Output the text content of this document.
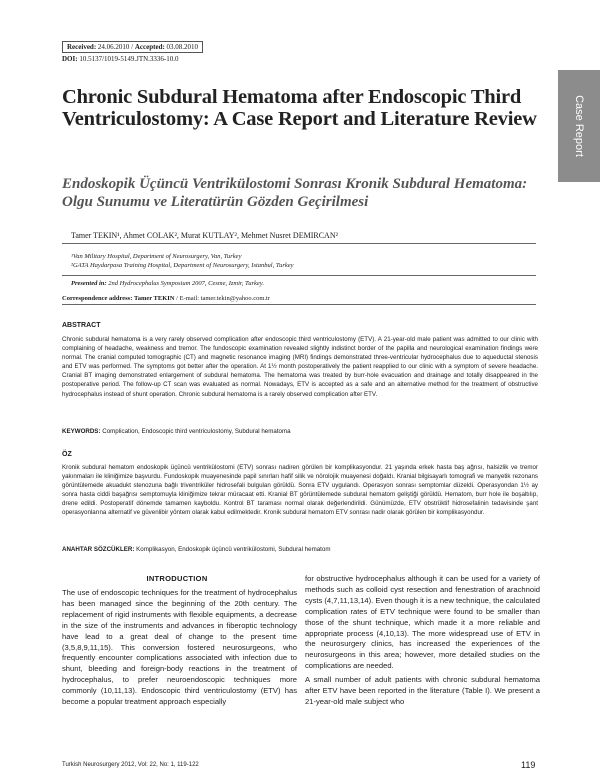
Received: 24.06.2010 / Accepted: 03.08.2010
DOI: 10.5137/1019-5149.JTN.3336-10.0
Case Report
Chronic Subdural Hematoma after Endoscopic Third Ventriculostomy: A Case Report and Literature Review
Endoskopik Üçüncü Ventrikülostomi Sonrası Kronik Subdural Hematoma: Olgu Sunumu ve Literatürün Gözden Geçirilmesi
Tamer TEKIN¹, Ahmet COLAK², Murat KUTLAY², Mehmet Nusret DEMIRCAN²
¹Van Military Hospital, Department of Neurosurgery, Van, Turkey
²GATA Haydarpasa Training Hospital, Department of Neurosurgery, Istanbul, Turkey
Presented in: 2nd Hydrocephalus Symposium 2007, Cesme, Izmir, Turkey.
Correspondence address: Tamer TEKIN / E-mail: tamer.tekin@yahoo.com.tr
ABSTRACT

Chronic subdural hematoma is a very rarely observed complication after endoscopic third ventriculostomy (ETV). A 21-year-old male patient was admitted to our clinic with complaining of headache, weakness and tremor. The fundoscopic examination revealed slightly indistinct border of the papilla and neurological examination findings were normal. The cranial computed tomographic (CT) and magnetic resonance imaging (MRI) findings demonstrated three-ventricular hydrocephalus due to aqueductal stenosis and ETV was performed. The symptoms got better after the operation. At 1½ month postoperatively the patient reapplied to our clinic with a symptom of severe headache. Cranial BT imaging demonstrated enlargement of subdural hematoma. The hematoma was treated by burr-hole evacuation and drainage and totally disappeared in the postoperative period. The follow-up CT scan was evaluated as normal. Nowadays, ETV is accepted as a safe and an alternative method for the treatment of obstructive hydrocephalus instead of shunt operation. Chronic subdural hematoma is a rarely observed complication after ETV.

KEYWORDS: Complication, Endoscopic third ventriculostomy, Subdural hematoma
ÖZ

Kronik subdural hematom endoskopik üçüncü ventrikülostomi (ETV) sonrası nadiren görülen bir komplikasyondur. 21 yaşında erkek hasta baş ağrısı, halsizlik ve tremor yakınmaları ile kliniğimize başvurdu. Fundoskopik muayenesinde papil sınırları hafif silik ve nörolojik muayenesi doğaldı. Kranial bilgisayarlı tomografi ve manyetik rezonans görüntülemede akuadukt stenozuna bağlı triventriküler hidrosefali bulgulan görüldü. Sonra ETV uygulandı. Operasyon sonrası semptomlar düzeldi. Operasyondan 1½ ay sonra hasta ciddi başağrısı semptomuyla kliniğimize tekrar müracaat etti. Kranial BT görüntülemede subdural hematom geliştiği görüldü. Hematom, burr hole ile boşaltılıp, drene edildi. Postoperatif dönemde tamamen kayboldu. Kontrol BT taraması normal olarak değerlendirildi. Günümüzde, ETV obstrüktif hidrosefalinin tedavisinde şant operasyonlarına alternatif ve güvenlibir yöntem olarak kabul edilmektedir. Kronik subdural hematom ETV sonrası nadir olarak görülen bir komplikasyondur.

ANAHTAR SÖZCÜKLER: Komplikasyon, Endoskopik üçüncü ventrikülostomi, Subdural hematom
INTRODUCTION

The use of endoscopic techniques for the treatment of hydrocephalus has been managed since the beginning of the 20th century. The replacement of rigid instruments with flexible equipments, a decrease in the size of the instruments and advances in fiberoptic technology have lead to a great deal of change to the present time (3,5,8,9,11,15). This conversion fostered neurosurgeons, who frequently encounter complications associated with infection due to shunt, bleeding and foreign-body reactions in the treatment of hydrocephalus, to prefer neuroendoscopic techniques more commonly (10,11,13). Endoscopic third ventriculostomy (ETV) has become a popular treatment approach especially

for obstructive hydrocephalus although it can be used for a variety of methods such as colloid cyst resection and fenestration of arachnoid cysts (4,7,11,13,14). Even though it is a new technique, the calculated complication rates of ETV technique were found to be smaller than those of the shunt technique, which made it a more reliable and appropriate process (4,10,13). The more widespread use of ETV in the neurosurgery clinics, has increased the experiences of the neurosurgeons in this area; however, more detailed studies on the complications are needed.

A small number of adult patients with chronic subdural hematoma after ETV have been reported in the literature (Table I). We present a 21-year-old male subject who

Turkish Neurosurgery 2012, Vol: 22, No: 1, 119-122	119
